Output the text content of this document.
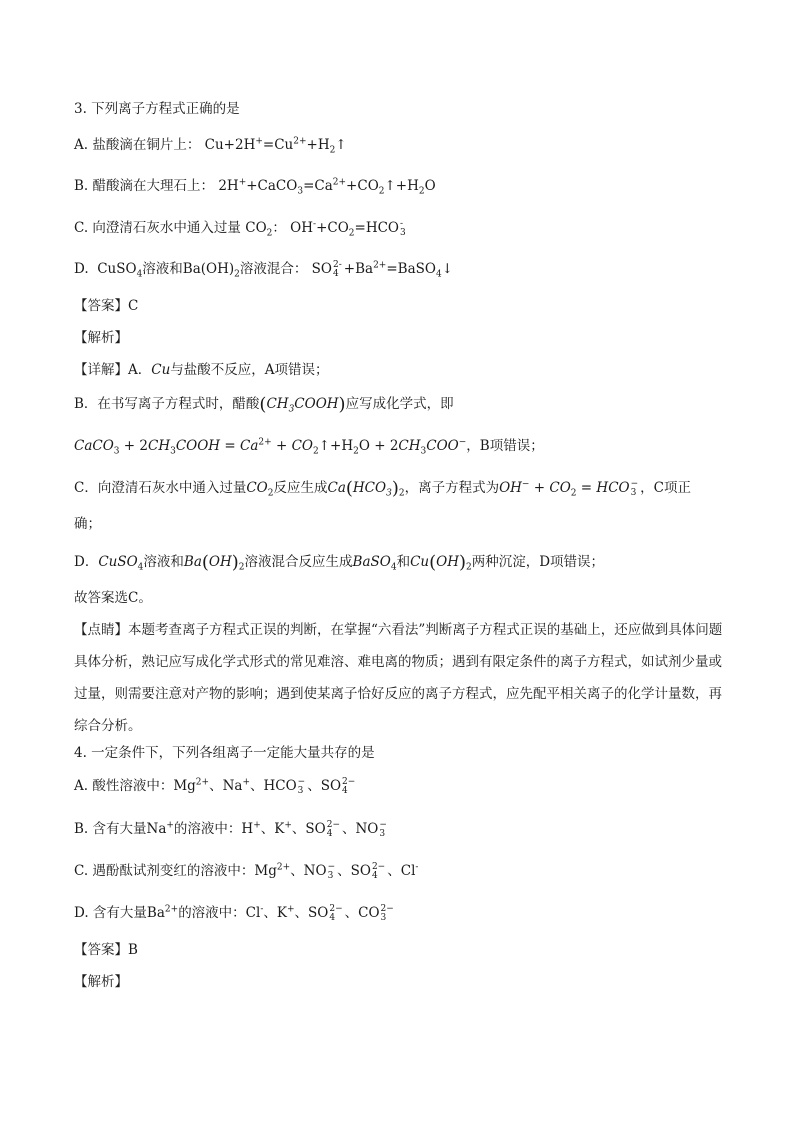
3. 下列离子方程式正确的是
A. 盐酸滴在铜片上： $Cu+2H^+=Cu^{2+}+H_2↑$
B. 醋酸滴在大理石上： $2H^++CaCO_3=Ca^{2+}+CO_2↑+H_2O$
C. 向澄清石灰水中通入过量 $CO_2$： $OH^-+CO_2=HCO$ -
3
D.  CuSO$_4$溶液和$Ba(OH)_2$溶液混合： SO 2-
$4 +Ba^{2+}=BaSO_4↓$
【答案】C
【解析】
【详解】A．Cu与盐酸不反应，A项错误；
B．在书写离子方程式时，醋酸$(CH_3COOH)$应写成化学式，即
CaCO$_3$ + $2CH_3COOH = Ca^{2+}$ + $CO_2↑+H_2O + 2CH_3COO^-$，B项错误；
C．向澄清石灰水中通入过量$CO_2$反应生成$Ca(HCO_3)_2$，离子方程式为$OH^- + CO_2$ = HCO −
3 ，C项正
确；
D．CuSO$_4$溶液和$Ba(OH)_2$溶液混合反应生成BaSO$_4$和$Cu(OH)_2$两种沉淀，D项错误；
故答案选C。
【点睛】本题考查离子方程式正误的判断，在掌握“六看法”判断离子方程式正误的基础上，还应做到具体问题具体分析，熟记应写成化学式形式的常见难溶、难电离的物质；遇到有限定条件的离子方程式，如试剂少量或过量，则需要注意对产物的影响；遇到使某离子恰好反应的离子方程式，应先配平相关离子的化学计量数，再综合分析。
4. 一定条件下，下列各组离子一定能大量共存的是
A. 酸性溶液中：$Mg^{2+}$、Na+、HCO −
3 、SO 2−
4
B. 含有大量Na+的溶液中：H+、K+、SO 2−
4 、NO −
3
C. 遇酚酞试剂变红的溶液中：$Mg^{2+}$、NO −
3 、SO 2−
4 、Cl-
D. 含有大量$Ba^{2+}$的溶液中：Cl-、K+、SO 2−
4 、CO 2−
3
【答案】B
【解析】
